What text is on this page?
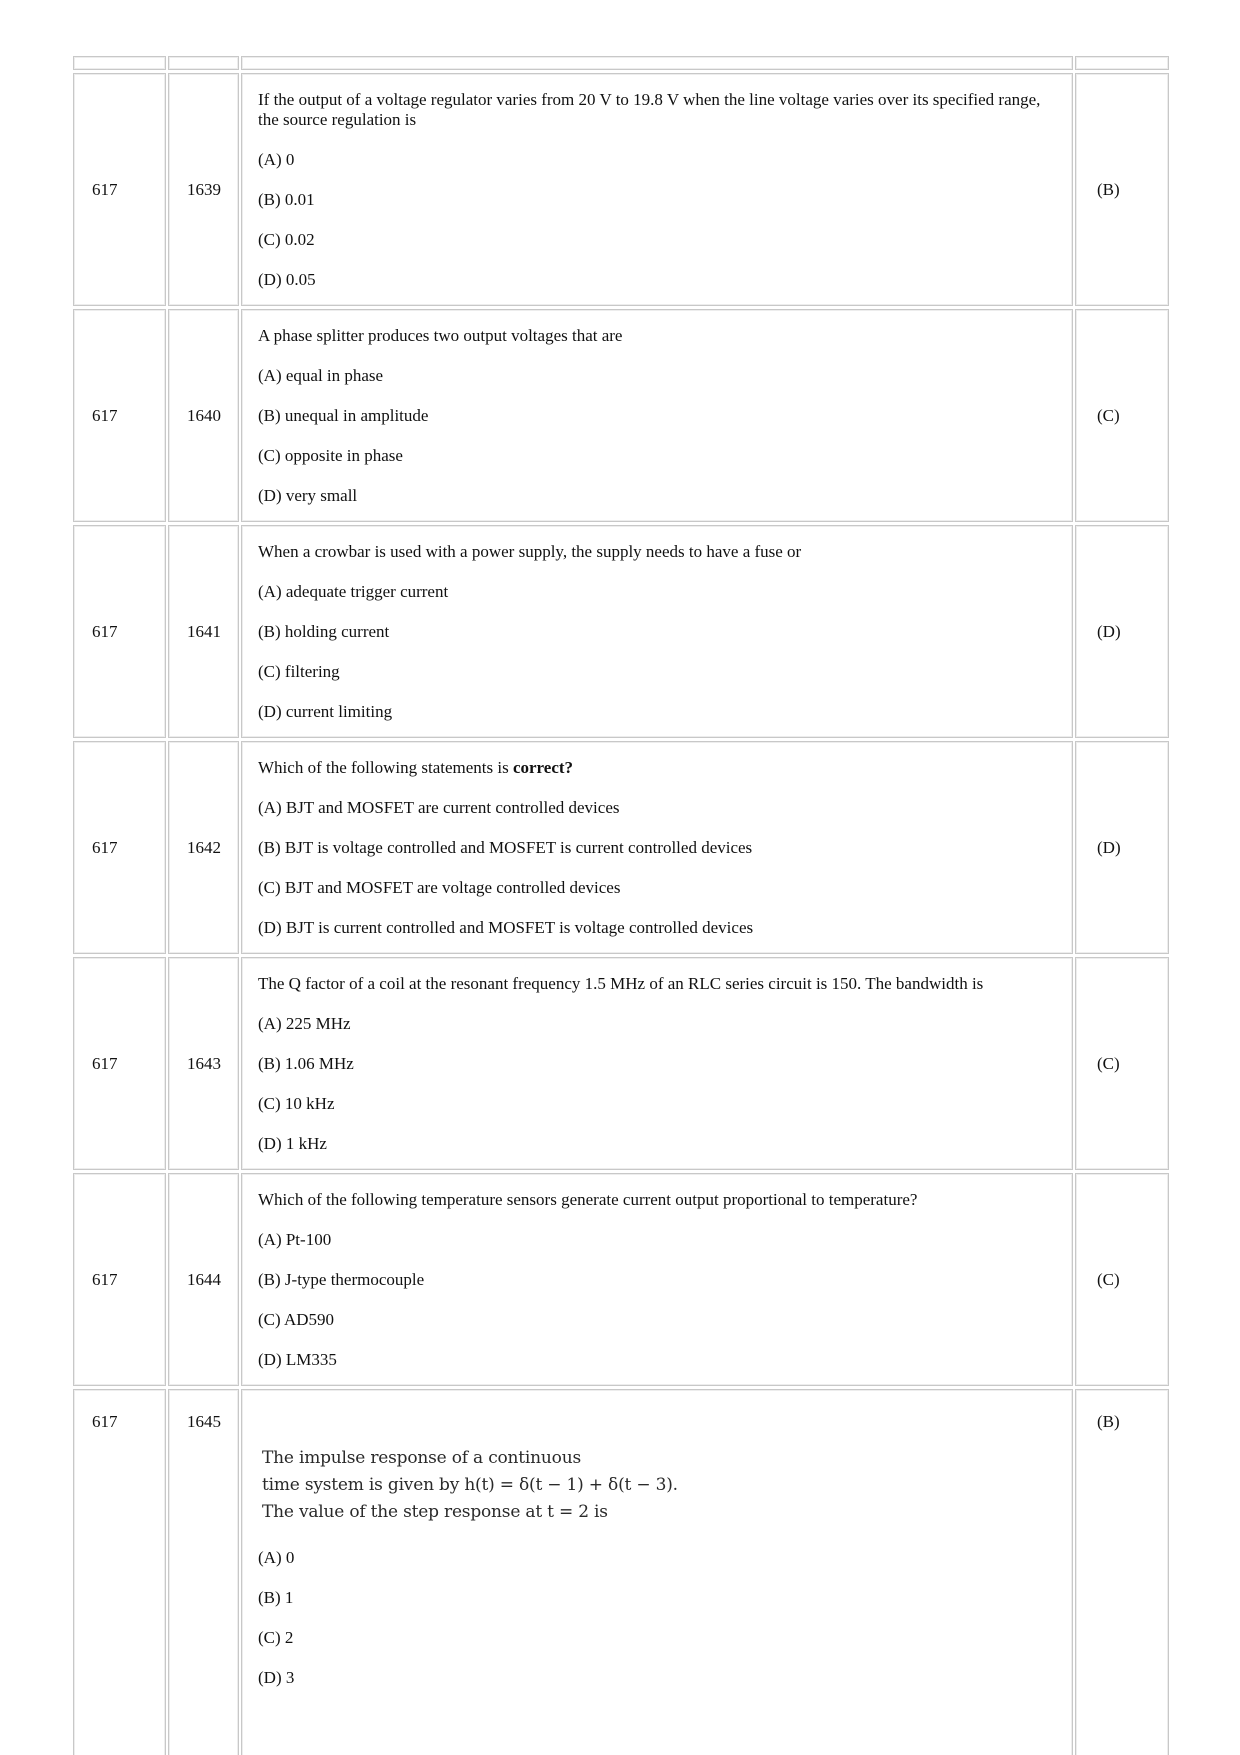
617	1639

If the output of a voltage regulator varies from 20 V to 19.8 V when the line voltage varies over its specified range, the source regulation is

(A) 0

(B) 0.01

(C) 0.02

(D) 0.05

(B)
617	1640

A phase splitter produces two output voltages that are

(A) equal in phase

(B) unequal in amplitude

(C) opposite in phase

(D) very small

(C)
617	1641

When a crowbar is used with a power supply, the supply needs to have a fuse or

(A) adequate trigger current

(B) holding current

(C) filtering

(D) current limiting

(D)
617	1642

Which of the following statements is correct?

(A) BJT and MOSFET are current controlled devices

(B) BJT is voltage controlled and MOSFET is current controlled devices

(C) BJT and MOSFET are voltage controlled devices

(D) BJT is current controlled and MOSFET is voltage controlled devices

(D)
617	1643

The Q factor of a coil at the resonant frequency 1.5 MHz of an RLC series circuit is 150. The bandwidth is

(A) 225 MHz

(B) 1.06 MHz

(C) 10 kHz

(D) 1 kHz

(C)
617	1644

Which of the following temperature sensors generate current output proportional to temperature?

(A) Pt-100

(B) J-type thermocouple

(C) AD590

(D) LM335

(C)
617	1645
The impulse response of a continuous
time system is given by h(t) = δ(t − 1) + δ(t − 3).
The value of the step response at t = 2 is

(A) 0

(B) 1

(C) 2

(D) 3

(B)
